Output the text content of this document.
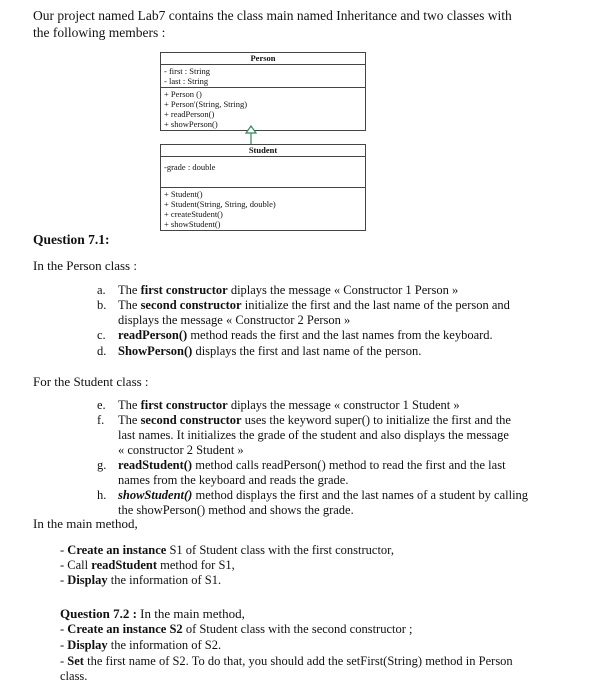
Our project named Lab7 contains the class main named Inheritance and two classes with
the following members :
Person
- first : String
- last : String
+ Person ()
+ Person'(String, String)
+ readPerson()
+ showPerson()
Student
-grade : double
+ Student()
+ Student(String, String, double)
+ createStudent()
+ showStudent()
Question 7.1:
In the Person class :
a. The first constructor diplays the message « Constructor 1 Person »
b. The second constructor initialize the first and the last name of the person and
displays the message « Constructor 2 Person »
c. readPerson() method reads the first and the last names from the keyboard.
d. ShowPerson() displays the first and last name of the person.
For the Student class :
e. The first constructor diplays the message « constructor 1 Student »
f.	The second constructor uses the keyword super() to initialize the first and the
last names. It initializes the grade of the student and also displays the message
« constructor 2 Student »
g. readStudent() method calls readPerson() method to read the first and the last
names from the keyboard and reads the grade.
h. showStudent() method displays the first and the last names of a student by calling
the showPerson() method and shows the grade.
In the main method,
- Create an instance S1 of Student class with the first constructor,
- Call readStudent method for S1,
- Display the information of S1.
Question 7.2 : In the main method,
- Create an instance S2 of Student class with the second constructor ;
- Display the information of S2.
- Set the first name of S2. To do that, you should add the setFirst(String) method in Person
class.
